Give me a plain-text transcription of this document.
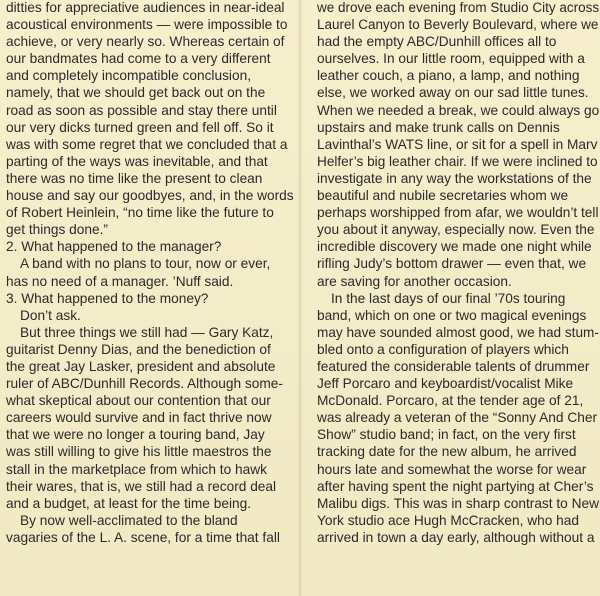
ditties for appreciative audiences in near-ideal
acoustical environments — were impossible to
achieve, or very nearly so. Whereas certain of
our bandmates had come to a very different
and completely incompatible conclusion,
namely, that we should get back out on the
road as soon as possible and stay there until
our very dicks turned green and fell off. So it
was with some regret that we concluded that a
parting of the ways was inevitable, and that
there was no time like the present to clean
house and say our goodbyes, and, in the words
of Robert Heinlein, “no time like the future to
get things done.”
2. What happened to the manager?
A band with no plans to tour, now or ever,
has no need of a manager. ’Nuff said.
3. What happened to the money?
Don’t ask.
But three things we still had — Gary Katz,
guitarist Denny Dias, and the benediction of
the great Jay Lasker, president and absolute
ruler of ABC/Dunhill Records. Although some-
what skeptical about our contention that our
careers would survive and in fact thrive now
that we were no longer a touring band, Jay
was still willing to give his little maestros the
stall in the marketplace from which to hawk
their wares, that is, we still had a record deal
and a budget, at least for the time being.
By now well-acclimated to the bland
vagaries of the L. A. scene, for a time that fall
we drove each evening from Studio City across
Laurel Canyon to Beverly Boulevard, where we
had the empty ABC/Dunhill offices all to
ourselves. In our little room, equipped with a
leather couch, a piano, a lamp, and nothing
else, we worked away on our sad little tunes.
When we needed a break, we could always go
upstairs and make trunk calls on Dennis
Lavinthal’s WATS line, or sit for a spell in Marv
Helfer’s big leather chair. If we were inclined to
investigate in any way the workstations of the
beautiful and nubile secretaries whom we
perhaps worshipped from afar, we wouldn’t tell
you about it anyway, especially now. Even the
incredible discovery we made one night while
rifling Judy’s bottom drawer — even that, we
are saving for another occasion.
In the last days of our final ’70s touring
band, which on one or two magical evenings
may have sounded almost good, we had stum-
bled onto a configuration of players which
featured the considerable talents of drummer
Jeff Porcaro and keyboardist/vocalist Mike
McDonald. Porcaro, at the tender age of 21,
was already a veteran of the “Sonny And Cher
Show” studio band; in fact, on the very first
tracking date for the new album, he arrived
hours late and somewhat the worse for wear
after having spent the night partying at Cher’s
Malibu digs. This was in sharp contrast to New
York studio ace Hugh McCracken, who had
arrived in town a day early, although without a
